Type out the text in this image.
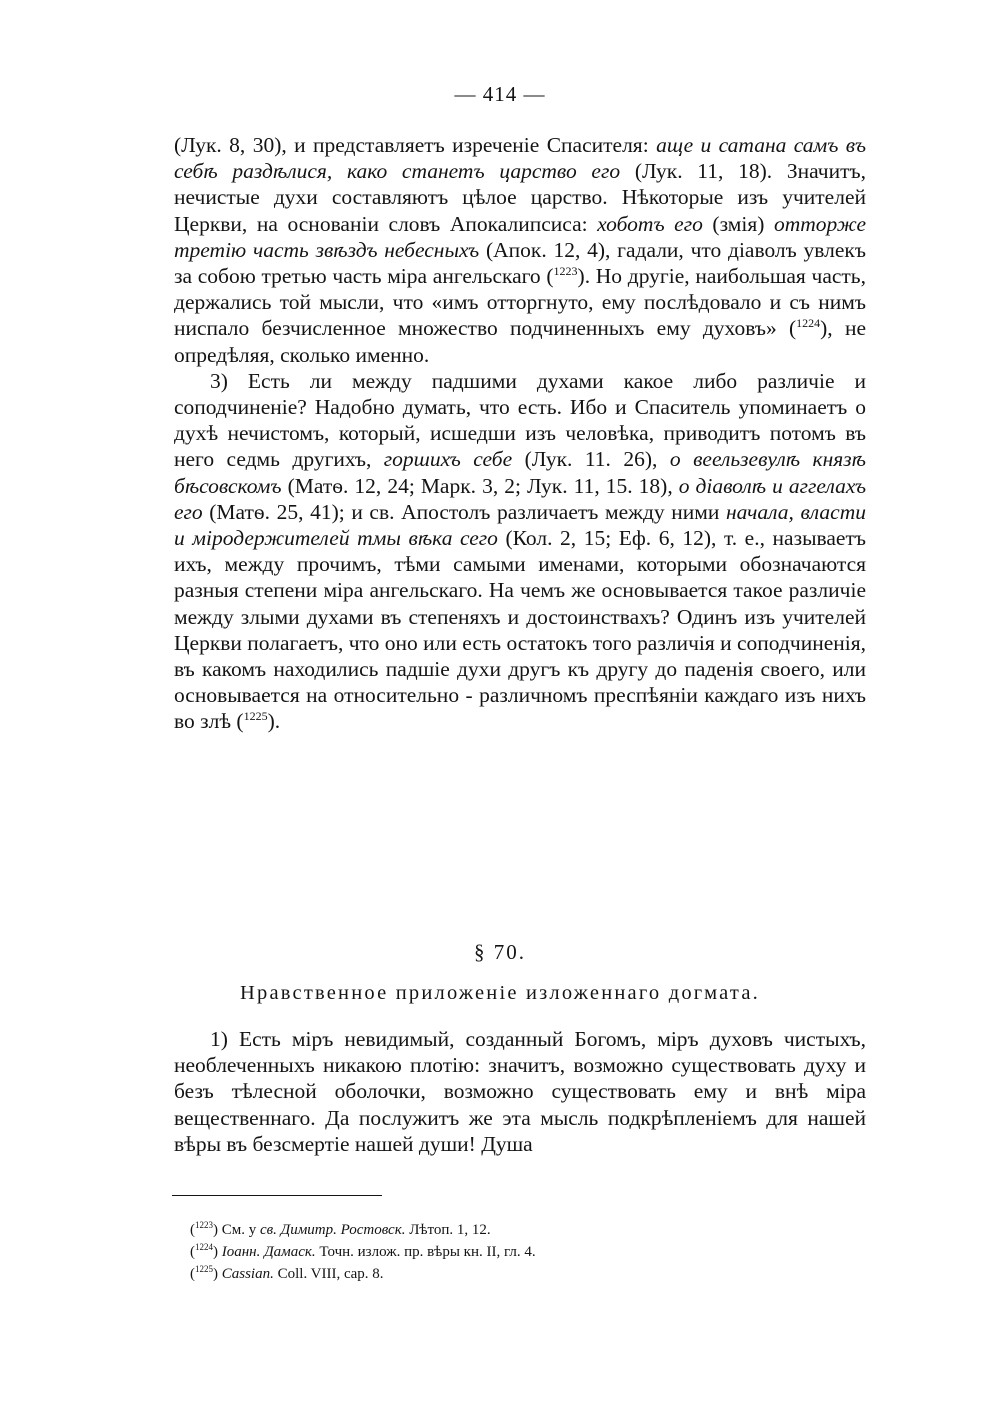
— 414 —

(Лук. 8, 30), и представляетъ изреченіе Спасителя: аще и сатана самъ въ себѣ раздѣлися, како станетъ царство его (Лук. 11, 18). Значитъ, нечистые духи составляютъ цѣлое царство. Нѣкоторые изъ учителей Церкви, на основаніи словъ Апокалипсиса: хоботъ его (змія) отторже третію часть звѣздъ небесныхъ (Апок. 12, 4), гадали, что діаволъ увлекъ за собою третью часть міра ангельскаго ($^{1223}$). Но другіе, наибольшая часть, держались той мысли, что «имъ отторгнуто, ему послѣдовало и съ нимъ ниспало безчисленное множество подчиненныхъ ему духовъ» ($^{1224}$), не опредѣляя, сколько именно.

3) Есть ли между падшими духами какое либо различіе и соподчиненіе? Надобно думать, что есть. Ибо и Спаситель упоминаетъ о духѣ нечистомъ, который, исшедши изъ человѣка, приводитъ потомъ въ него седмь другихъ, горшихъ себе (Лук. 11. 26), о веельзевулѣ князѣ бѣсовскомъ (Матѳ. 12, 24; Марк. 3, 2; Лук. 11, 15. 18), о діаволѣ и аггелахъ его (Матѳ. 25, 41); и св. Апостолъ различаетъ между ними начала, власти и міродержителей тмы вѣка сего (Кол. 2, 15; Еф. 6, 12), т. е., называетъ ихъ, между прочимъ, тѣми самыми именами, которыми обозначаются разныя степени міра ангельскаго. На чемъ же основывается такое различіе между злыми духами въ степеняхъ и достоинствахъ? Одинъ изъ учителей Церкви полагаетъ, что оно или есть остатокъ того различія и соподчиненія, въ какомъ находились падшіе духи другъ къ другу до паденія своего, или основывается на относительно - различномъ преспѣяніи каждаго изъ нихъ во злѣ ($^{1225}$).

§ 70.
Нравственное приложеніе изложеннаго догмата.

1) Есть міръ невидимый, созданный Богомъ, міръ духовъ чистыхъ, необлеченныхъ никакою плотію: значитъ, возможно существовать духу и безъ тѣлесной оболочки, возможно существовать ему и внѣ міра вещественнаго. Да послужитъ же эта мысль подкрѣпленіемъ для нашей вѣры въ безсмертіе нашей души! Душа

($^{1223}$) См. у св. Димитр. Ростовск. Лѣтоп. 1, 12.

($^{1224}$) Іоанн. Дамаск. Точн. излож. пр. вѣры кн. II, гл. 4.

($^{1225}$) Cassian. Coll. VIII, cap. 8.
